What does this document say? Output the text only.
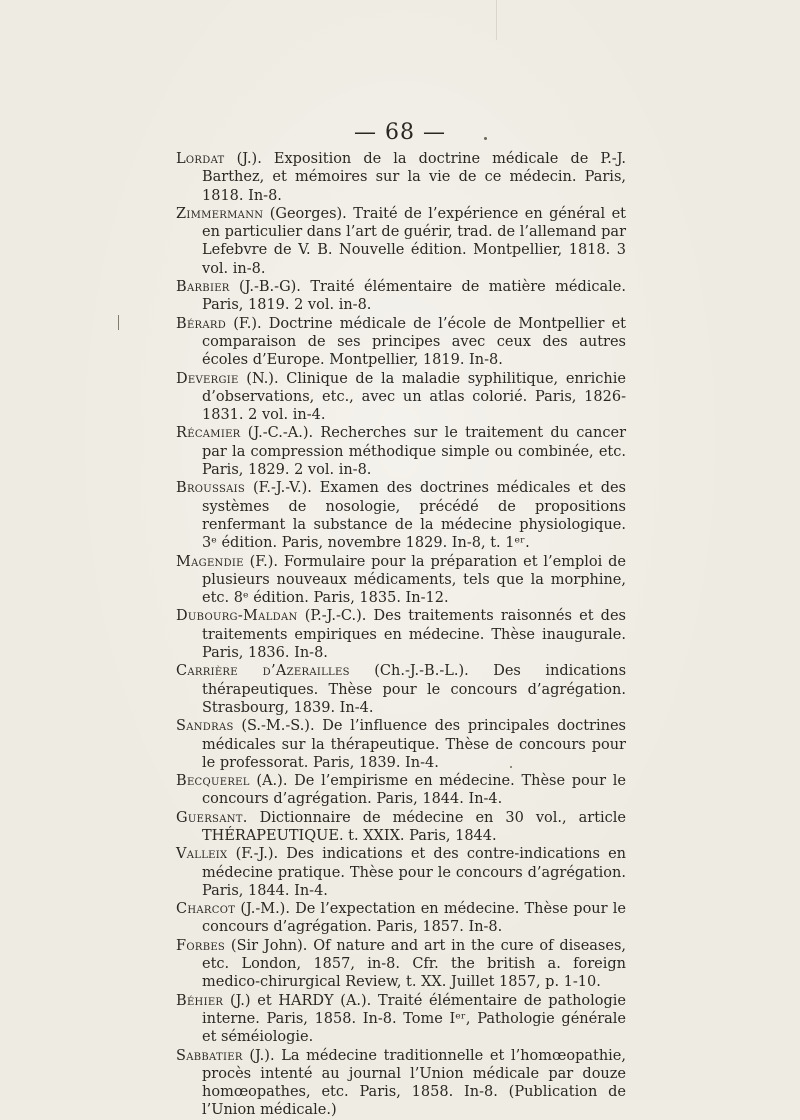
— 68 —

Lordat (J.). Exposition de la doctrine médicale de P.-J. Barthez, et mémoires sur la vie de ce médecin. Paris, 1818. In-8.

Zimmermann (Georges). Traité de l’expérience en général et en particulier dans l’art de guérir, trad. de l’allemand par Lefebvre de V. B. Nouvelle édition. Montpellier, 1818. 3 vol. in-8.

Barbier (J.-B.-G). Traité élémentaire de matière médicale. Paris, 1819. 2 vol. in-8.

Bérard (F.). Doctrine médicale de l’école de Montpellier et comparaison de ses principes avec ceux des autres écoles d’Europe. Montpellier, 1819. In-8.

Devergie (N.). Clinique de la maladie syphilitique, enrichie d’observations, etc., avec un atlas colorié. Paris, 1826-1831. 2 vol. in-4.

Récamier (J.-C.-A.). Recherches sur le traitement du cancer par la compression méthodique simple ou combinée, etc. Paris, 1829. 2 vol. in-8.

Broussais (F.-J.-V.). Examen des doctrines médicales et des systèmes de nosologie, précédé de propositions renfermant la substance de la médecine physiologique. 3ᵉ édition. Paris, novembre 1829. In-8, t. 1ᵉʳ.

Magendie (F.). Formulaire pour la préparation et l’emploi de plusieurs nouveaux médicaments, tels que la morphine, etc. 8ᵉ édition. Paris, 1835. In-12.

Dubourg-Maldan (P.-J.-C.). Des traitements raisonnés et des traitements empiriques en médecine. Thèse inaugurale. Paris, 1836. In-8.

Carrière d’Azerailles (Ch.-J.-B.-L.). Des indications thérapeutiques. Thèse pour le concours d’agrégation. Strasbourg, 1839. In-4.

Sandras (S.-M.-S.). De l’influence des principales doctrines médicales sur la thérapeutique. Thèse de concours pour le professorat. Paris, 1839. In-4.

Becquerel (A.). De l’empirisme en médecine. Thèse pour le concours d’agrégation. Paris, 1844. In-4.

Guersant. Dictionnaire de médecine en 30 vol., article THÉRAPEUTIQUE. t. XXIX. Paris, 1844.

Valleix (F.-J.). Des indications et des contre-indications en médecine pratique. Thèse pour le concours d’agrégation. Paris, 1844. In-4.

Charcot (J.-M.). De l’expectation en médecine. Thèse pour le concours d’agrégation. Paris, 1857. In-8.

Forbes (Sir John). Of nature and art in the cure of diseases, etc. London, 1857, in-8. Cfr. the british a. foreign medico-chirurgical Review, t. XX. Juillet 1857, p. 1-10.

Béhier (J.) et HARDY (A.). Traité élémentaire de pathologie interne. Paris, 1858. In-8. Tome Iᵉʳ, Pathologie générale et séméiologie.

Sabbatier (J.). La médecine traditionnelle et l’homœopathie, procès intenté au journal l’Union médicale par douze homœopathes, etc. Paris, 1858. In-8. (Publication de l’Union médicale.)
